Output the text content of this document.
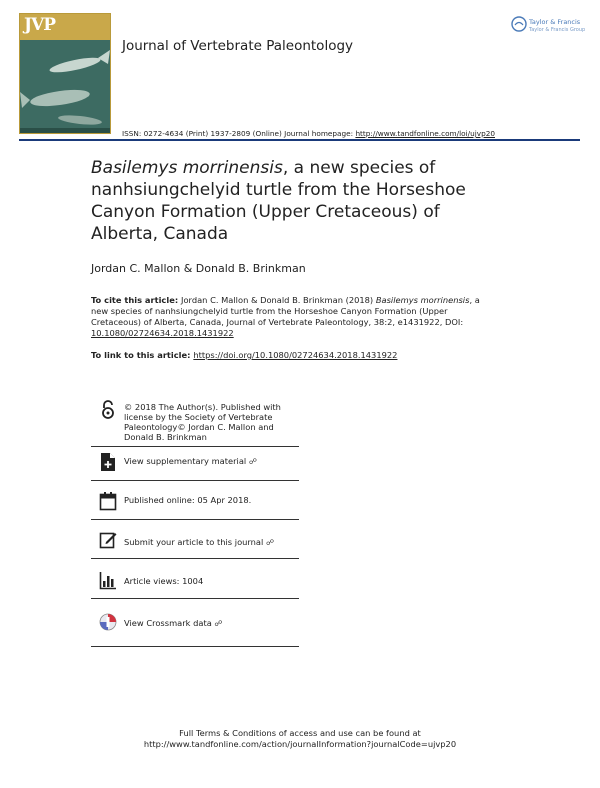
JVP
Journal of Vertebrate Paleontology
Taylor & Francis
Taylor & Francis Group
ISSN: 0272-4634 (Print) 1937-2809 (Online) Journal homepage: http://www.tandfonline.com/loi/ujvp20
Basilemys morrinensis, a new species of nanhsiungchelyid turtle from the Horseshoe Canyon Formation (Upper Cretaceous) of Alberta, Canada
Jordan C. Mallon & Donald B. Brinkman
To cite this article: Jordan C. Mallon & Donald B. Brinkman (2018) Basilemys morrinensis, a new species of nanhsiungchelyid turtle from the Horseshoe Canyon Formation (Upper Cretaceous) of Alberta, Canada, Journal of Vertebrate Paleontology, 38:2, e1431922, DOI: 10.1080/02724634.2018.1431922
To link to this article: https://doi.org/10.1080/02724634.2018.1431922
© 2018 The Author(s). Published with license by the Society of Vertebrate Paleontology© Jordan C. Mallon and Donald B. Brinkman
View supplementary material ☍
Published online: 05 Apr 2018.
Submit your article to this journal ☍
Article views: 1004
View Crossmark data ☍
Full Terms & Conditions of access and use can be found at
http://www.tandfonline.com/action/journalInformation?journalCode=ujvp20
